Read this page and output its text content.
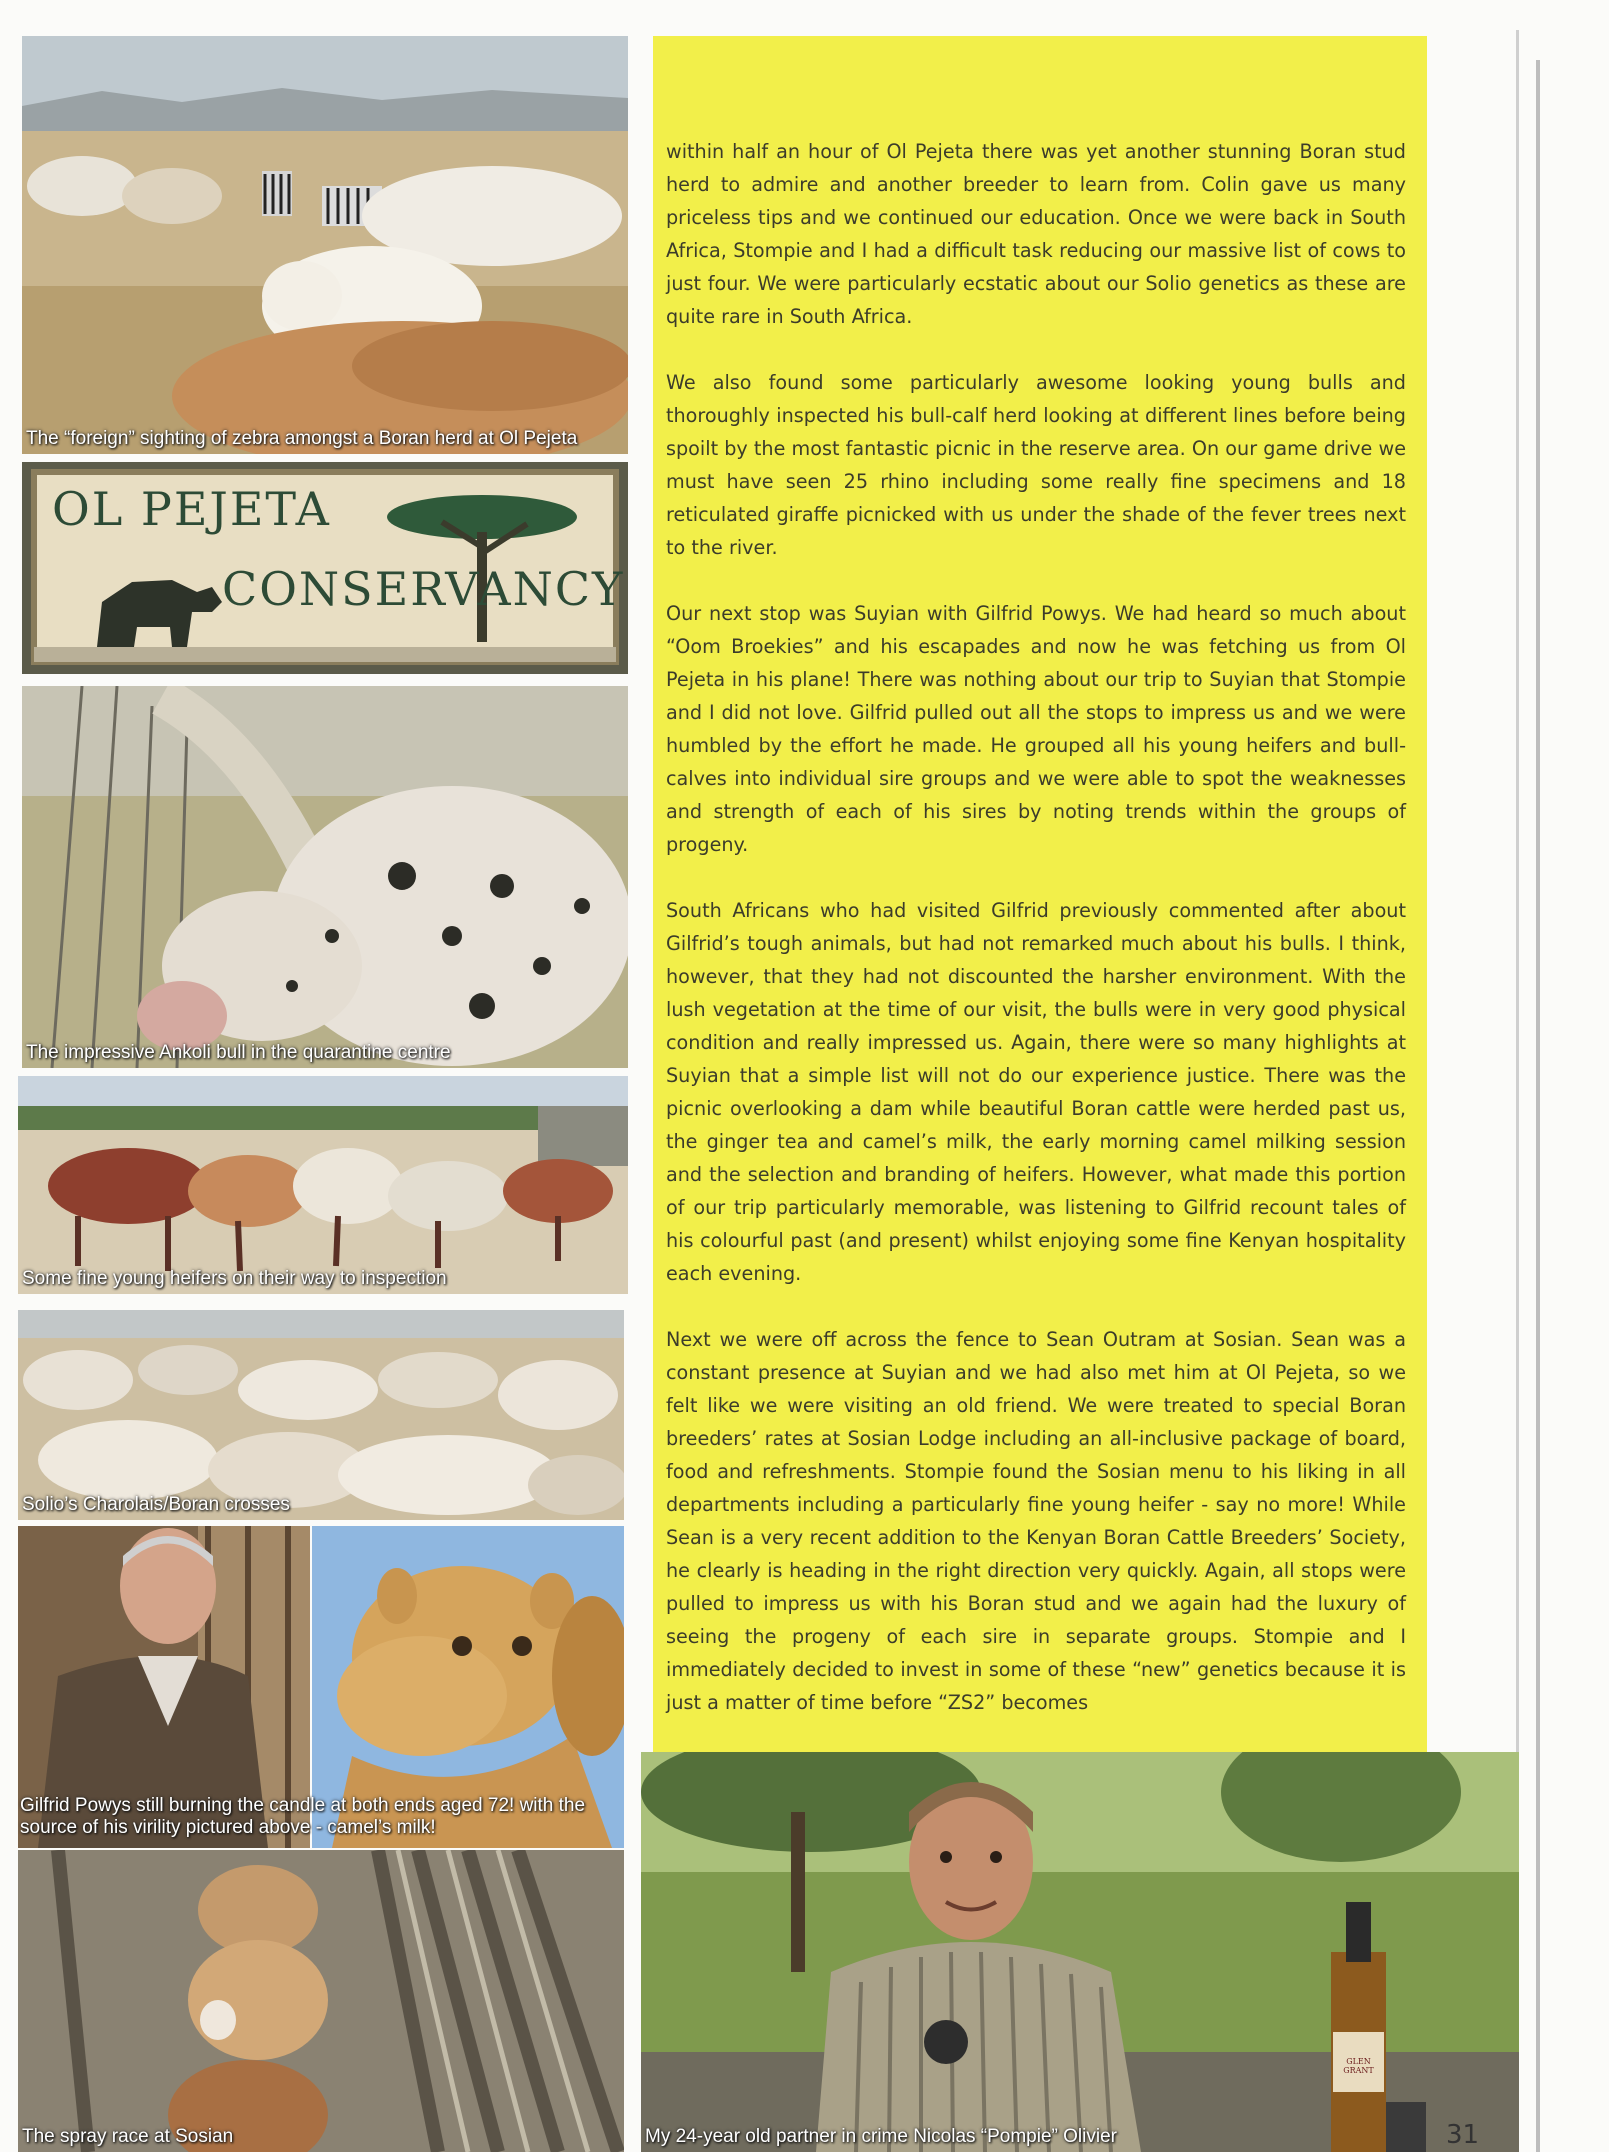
The “foreign” sighting of zebra amongst a Boran herd at Ol Pejeta
OL PEJETA
CONSERVANCY
The impressive Ankoli bull in the quarantine centre
Some fine young heifers on their way to inspection
Solio’s Charolais/Boran crosses
Gilfrid Powys still burning the candle at both ends aged 72! with the source of his virility pictured above - camel’s milk!
The spray race at Sosian

within half an hour of Ol Pejeta there was yet another stunning Boran stud herd to admire and another breeder to learn from. Colin gave us many priceless tips and we continued our education. Once we were back in South Africa, Stompie and I had a difficult task reducing our massive list of cows to just four. We were particularly ecstatic about our Solio genetics as these are quite rare in South Africa.

We also found some particularly awesome looking young bulls and thoroughly inspected his bull-calf herd looking at different lines before being spoilt by the most fantastic picnic in the reserve area. On our game drive we must have seen 25 rhino including some really fine specimens and 18 reticulated giraffe picnicked with us under the shade of the fever trees next to the river.

Our next stop was Suyian with Gilfrid Powys. We had heard so much about “Oom Broekies” and his escapades and now he was fetching us from Ol Pejeta in his plane! There was nothing about our trip to Suyian that Stompie and I did not love. Gilfrid pulled out all the stops to impress us and we were humbled by the effort he made. He grouped all his young heifers and bull-calves into individual sire groups and we were able to spot the weaknesses and strength of each of his sires by noting trends within the groups of progeny.

South Africans who had visited Gilfrid previously commented after about Gilfrid’s tough animals, but had not remarked much about his bulls. I think, however, that they had not discounted the harsher environment. With the lush vegetation at the time of our visit, the bulls were in very good physical condition and really impressed us. Again, there were so many highlights at Suyian that a simple list will not do our experience justice. There was the picnic overlooking a dam while beautiful Boran cattle were herded past us, the ginger tea and camel’s milk, the early morning camel milking session and the selection and branding of heifers. However, what made this portion of our trip particularly memorable, was listening to Gilfrid recount tales of his colourful past (and present) whilst enjoying some fine Kenyan hospitality each evening.

Next we were off across the fence to Sean Outram at Sosian. Sean was a constant presence at Suyian and we had also met him at Ol Pejeta, so we felt like we were visiting an old friend. We were treated to special Boran breeders’ rates at Sosian Lodge including an all-inclusive package of board, food and refreshments. Stompie found the Sosian menu to his liking in all departments including a particularly fine young heifer - say no more! While Sean is a very recent addition to the Kenyan Boran Cattle Breeders’ Society, he clearly is heading in the right direction very quickly. Again, all stops were pulled to impress us with his Boran stud and we again had the luxury of seeing the progeny of each sire in separate groups. Stompie and I immediately decided to invest in some of these “new” genetics because it is just a matter of time before “ZS2” becomes

GLEN GRANT
My 24-year old partner in crime Nicolas “Pompie” Olivier	31
